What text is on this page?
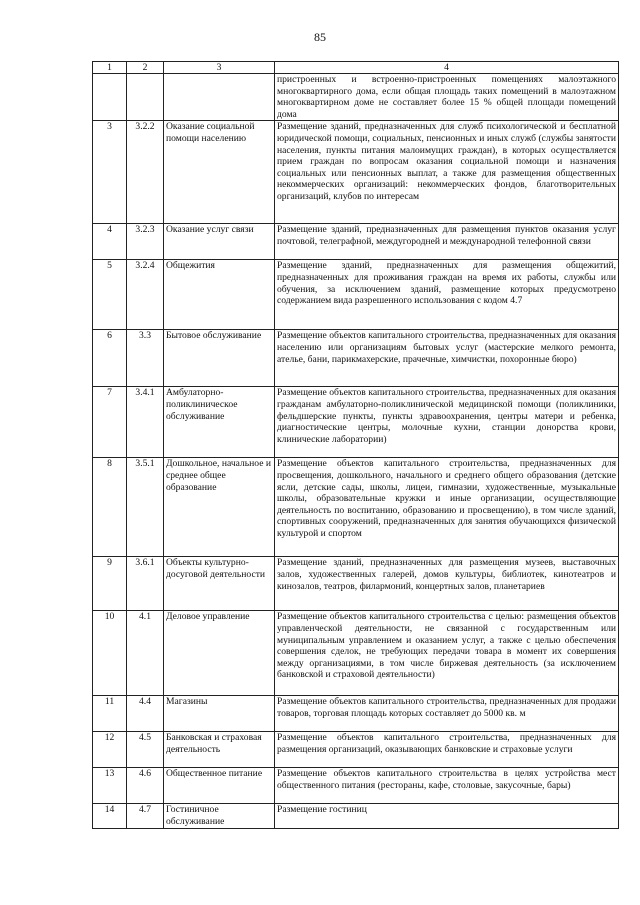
85
1	2	3	4
			пристроенных и встроенно-пристроенных помещениях малоэтажного многоквартирного дома, если общая площадь таких помещений в малоэтажном многоквартирном доме не составляет более 15 % общей площади помещений дома
3	3.2.2	Оказание социальной помощи населению	Размещение зданий, предназначенных для служб психологической и бесплатной юридической помощи, социальных, пенсионных и иных служб (службы занятости населения, пункты питания малоимущих граждан), в которых осуществляется прием граждан по вопросам оказания социальной помощи и назначения социальных или пенсионных выплат, а также для размещения общественных некоммерческих организаций: некоммерческих фондов, благотворительных организаций, клубов по интересам
4	3.2.3	Оказание услуг связи	Размещение зданий, предназначенных для размещения пунктов оказания услуг почтовой, телеграфной, междугородней и международной телефонной связи
5	3.2.4	Общежития	Размещение зданий, предназначенных для размещения общежитий, предназначенных для проживания граждан на время их работы, службы или обучения, за исключением зданий, размещение которых предусмотрено содержанием вида разрешенного использования с кодом 4.7
6	3.3	Бытовое обслуживание	Размещение объектов капитального строительства, предназначенных для оказания населению или организациям бытовых услуг (мастерские мелкого ремонта, ателье, бани, парикмахерские, прачечные, химчистки, похоронные бюро)
7	3.4.1	Амбулаторно-поликлиническое обслуживание	Размещение объектов капитального строительства, предназначенных для оказания гражданам амбулаторно-поликлинической медицинской помощи (поликлиники, фельдшерские пункты, пункты здравоохранения, центры матери и ребенка, диагностические центры, молочные кухни, станции донорства крови, клинические лаборатории)
8	3.5.1	Дошкольное, начальное и среднее общее образование	Размещение объектов капитального строительства, предназначенных для просвещения, дошкольного, начального и среднего общего образования (детские ясли, детские сады, школы, лицеи, гимназии, художественные, музыкальные школы, образовательные кружки и иные организации, осуществляющие деятельность по воспитанию, образованию и просвещению), в том числе зданий, спортивных сооружений, предназначенных для занятия обучающихся физической культурой и спортом
9	3.6.1	Объекты культурно-досуговой деятельности	Размещение зданий, предназначенных для размещения музеев, выставочных залов, художественных галерей, домов культуры, библиотек, кинотеатров и кинозалов, театров, филармоний, концертных залов, планетариев
10	4.1	Деловое управление	Размещение объектов капитального строительства с целью: размещения объектов управленческой деятельности, не связанной с государственным или муниципальным управлением и оказанием услуг, а также с целью обеспечения совершения сделок, не требующих передачи товара в момент их совершения между организациями, в том числе биржевая деятельность (за исключением банковской и страховой деятельности)
11	4.4	Магазины	Размещение объектов капитального строительства, предназначенных для продажи товаров, торговая площадь которых составляет до 5000 кв. м
12	4.5	Банковская и страховая деятельность	Размещение объектов капитального строительства, предназначенных для размещения организаций, оказывающих банковские и страховые услуги
13	4.6	Общественное питание	Размещение объектов капитального строительства в целях устройства мест общественного питания (рестораны, кафе, столовые, закусочные, бары)
14	4.7	Гостиничное обслуживание	Размещение гостиниц
